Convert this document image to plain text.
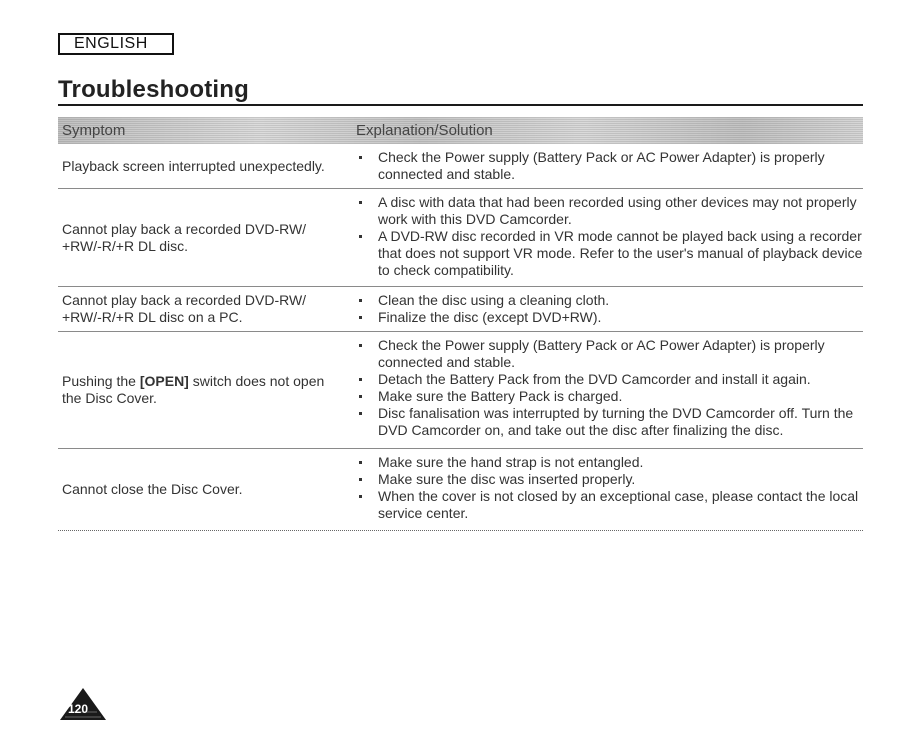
ENGLISH
Troubleshooting
Symptom	Explanation/Solution
Playback screen interrupted unexpectedly.
Check the Power supply (Battery Pack or AC Power Adapter) is properly connected and stable.
Cannot play back a recorded DVD-RW/ +RW/-R/+R DL disc.
A disc with data that had been recorded using other devices may not properly work with this DVD Camcorder.
A DVD-RW disc recorded in VR mode cannot be played back using a recorder that does not support VR mode. Refer to the user's manual of playback device to check compatibility.
Cannot play back a recorded DVD-RW/ +RW/-R/+R DL disc on a PC.
Clean the disc using a cleaning cloth.
Finalize the disc (except DVD+RW).
Pushing the [OPEN] switch does not open the Disc Cover.
Check the Power supply (Battery Pack or AC Power Adapter) is properly connected and stable.
Detach the Battery Pack from the DVD Camcorder and install it again.
Make sure the Battery Pack is charged.
Disc fanalisation was interrupted by turning the DVD Camcorder off. Turn the DVD Camcorder on, and take out the disc after finalizing the disc.
Cannot close the Disc Cover.
Make sure the hand strap is not entangled.
Make sure the disc was inserted properly.
When the cover is not closed by an exceptional case, please contact the local service center.
120
